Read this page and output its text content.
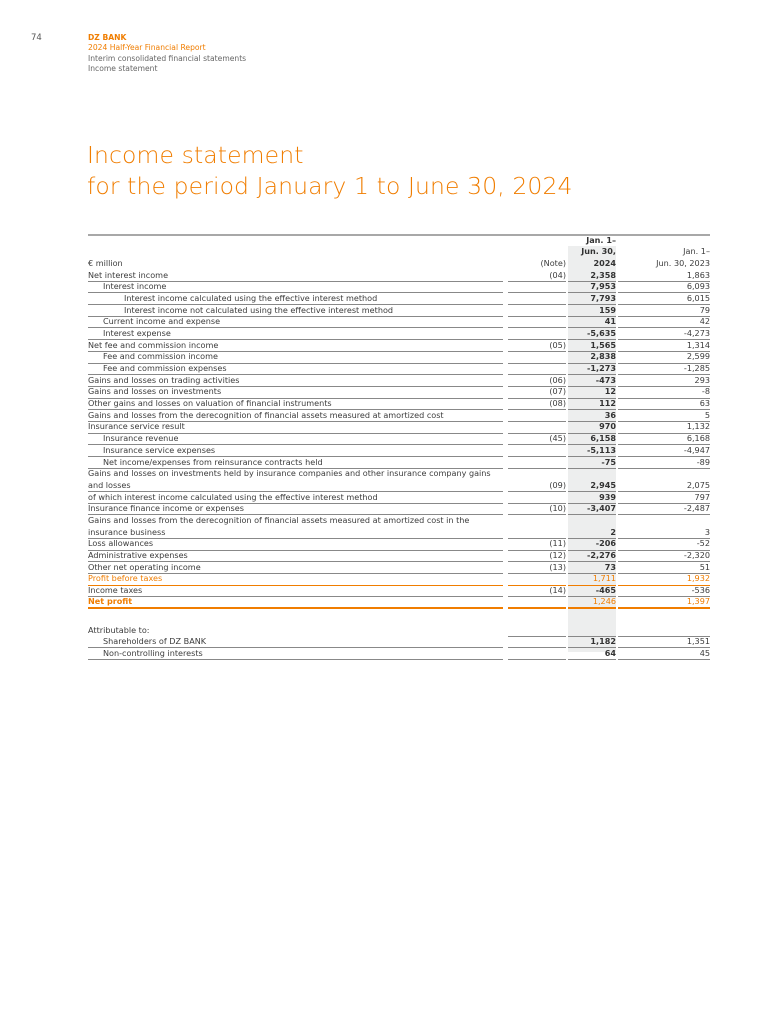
74	DZ BANK
2024 Half-Year Financial Report
Interim consolidated financial statements
Income statement
Income statement
for the period January 1 to June 30, 2024
€ million	(Note)
Jan. 1–
Jun. 30, 2024
Jan. 1–
Jun. 30, 2023
Net interest income	(04)	2,358	1,863
Interest income	7,953	6,093
Interest income calculated using the effective interest method	7,793	6,015
Interest income not calculated using the effective interest method	159	79
Current income and expense	41	42
Interest expense	-5,635	-4,273
Net fee and commission income	(05)	1,565	1,314
Fee and commission income	2,838	2,599
Fee and commission expenses	-1,273	-1,285
Gains and losses on trading activities	(06)	-473	293
Gains and losses on investments	(07)	12	-8
Other gains and losses on valuation of financial instruments	(08)	112	63
Gains and losses from the derecognition of financial assets measured at amortized cost	36	5
Insurance service result	970	1,132
Insurance revenue	(45)	6,158	6,168
Insurance service expenses	-5,113	-4,947
Net income/expenses from reinsurance contracts held	-75	-89
Gains and losses on investments held by insurance companies and other insurance company gains and losses	(09)	2,945	2,075
of which interest income calculated using the effective interest method	939	797
Insurance finance income or expenses	(10)	-3,407	-2,487
Gains and losses from the derecognition of financial assets measured at amortized cost in the insurance business	2	3
Loss allowances	(11)	-206	-52
Administrative expenses	(12)	-2,276	-2,320
Other net operating income	(13)	73	51
Profit before taxes	1,711	1,932
Income taxes	(14)	-465	-536
Net profit	1,246	1,397
Attributable to:
Shareholders of DZ BANK	1,182	1,351
Non-controlling interests	64	45
